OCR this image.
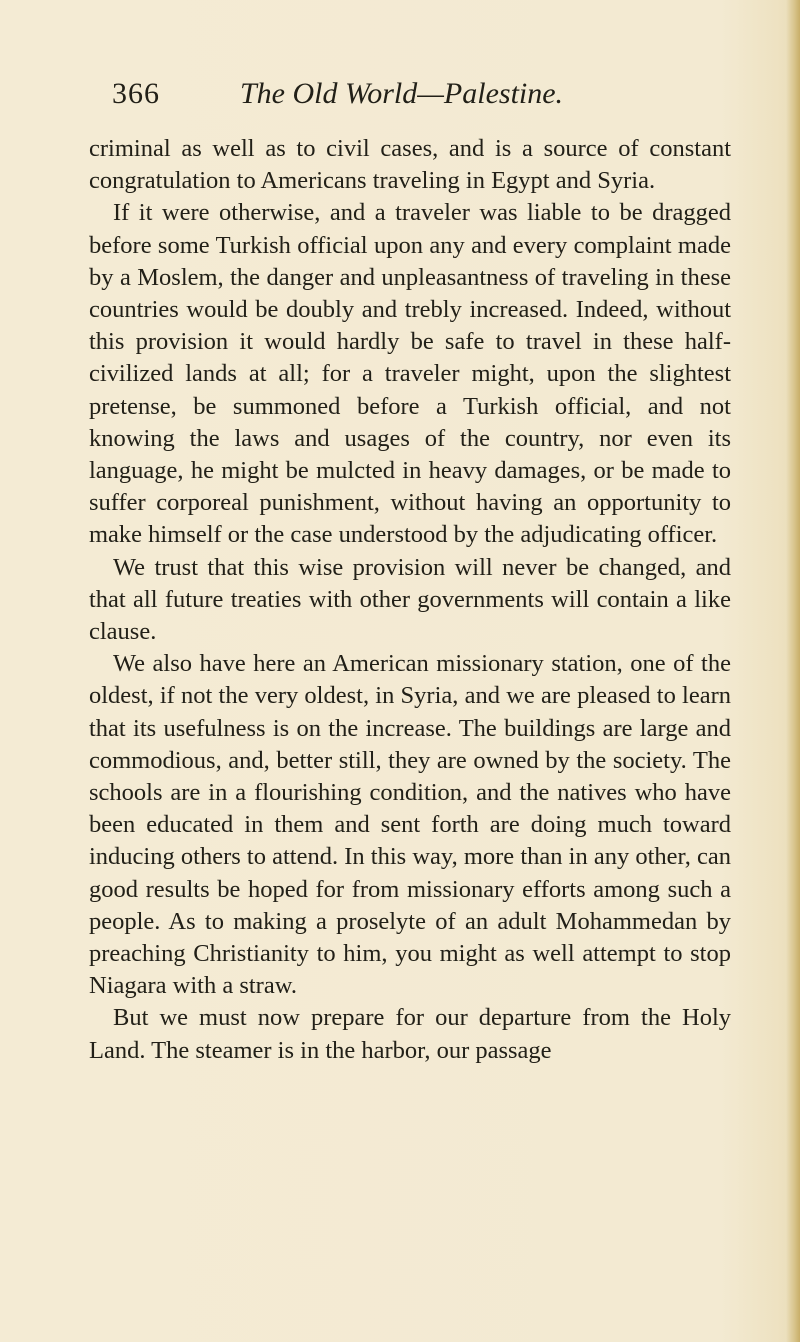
366	The Old World—Palestine.

criminal as well as to civil cases, and is a source of constant congratulation to Americans traveling in Egypt and Syria.

If it were otherwise, and a traveler was liable to be dragged before some Turkish official upon any and every complaint made by a Moslem, the danger and unpleasantness of traveling in these countries would be doubly and trebly increased. Indeed, without this provision it would hardly be safe to travel in these half-civilized lands at all; for a traveler might, upon the slightest pretense, be summoned before a Turkish official, and not knowing the laws and usages of the country, nor even its language, he might be mulcted in heavy damages, or be made to suffer corporeal punishment, without having an opportunity to make himself or the case understood by the adjudicating officer.

We trust that this wise provision will never be changed, and that all future treaties with other governments will contain a like clause.

We also have here an American missionary station, one of the oldest, if not the very oldest, in Syria, and we are pleased to learn that its usefulness is on the increase. The buildings are large and commodious, and, better still, they are owned by the society. The schools are in a flourishing condition, and the natives who have been educated in them and sent forth are doing much toward inducing others to attend. In this way, more than in any other, can good results be hoped for from missionary efforts among such a people. As to making a proselyte of an adult Mohammedan by preaching Christianity to him, you might as well attempt to stop Niagara with a straw.

But we must now prepare for our departure from the Holy Land. The steamer is in the harbor, our passage
